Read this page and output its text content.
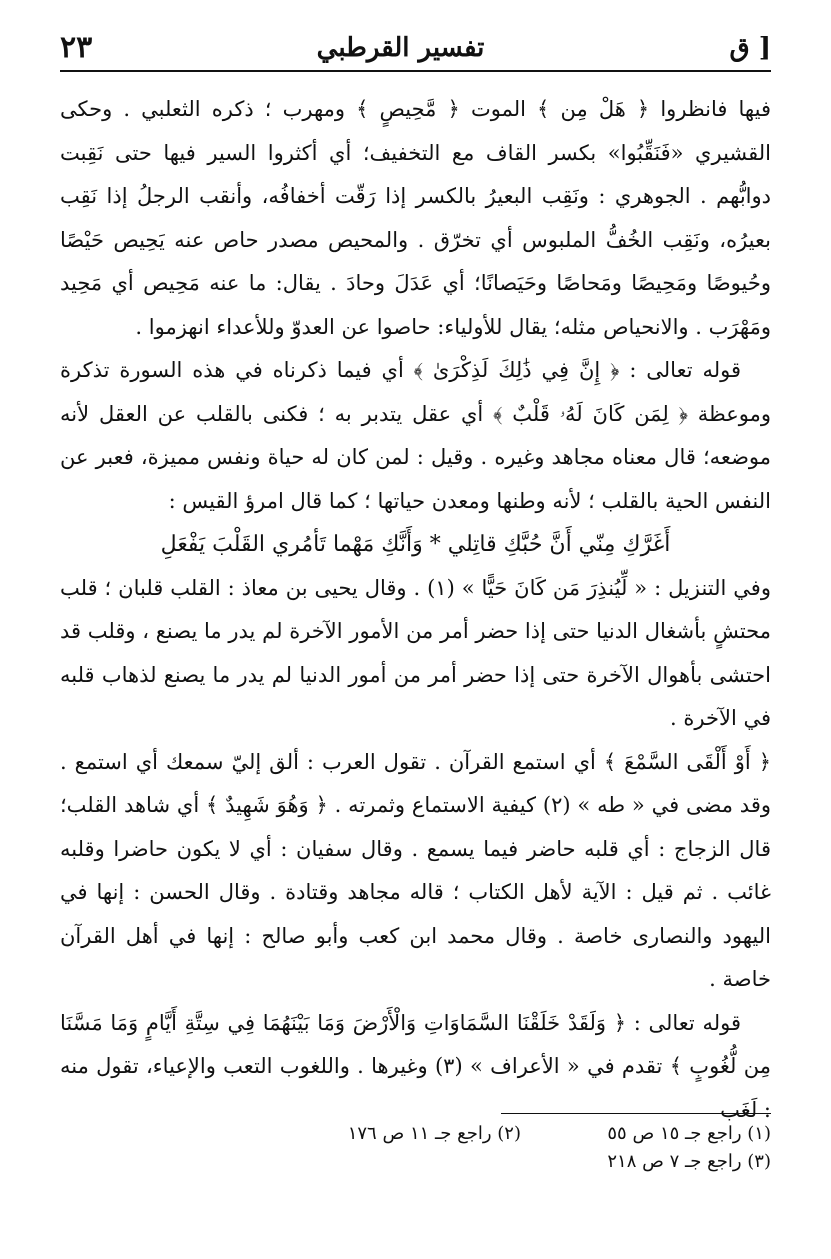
٢٣	تفسير القرطبي	ق ]

فيها فانظروا ﴿ هَلْ مِن ﴾ الموت ﴿ مَّحِيصٍ ﴾ ومهرب ؛ ذكره الثعلبي . وحكى القشيري «فَنَقِّبُوا» بكسر القاف مع التخفيف؛ أي أكثروا السير فيها حتى نَقِبت دوابُّهم . الجوهري : ونَقِب البعيرُ بالكسر إذا رَقّت أخفافُه، وأنقب الرجلُ إذا نَقِب بعيرُه، ونَقِب الخُفُّ الملبوس أي تخرّق . والمحيص مصدر حاص عنه يَحِيص حَيْصًا وحُيوصًا ومَحِيصًا ومَحاصًا وحَيَصانًا؛ أي عَدَلَ وحادَ . يقال: ما عنه مَحِيص أي مَحِيد ومَهْرَب . والانحياص مثله؛ يقال للأولياء: حاصوا عن العدوّ وللأعداء انهزموا .

قوله تعالى : ﴿ إِنَّ فِي ذَٰلِكَ لَذِكْرَىٰ ﴾ أي فيما ذكرناه في هذه السورة تذكرة وموعظة ﴿ لِمَن كَانَ لَهُۥ قَلْبٌ ﴾ أي عقل يتدبر به ؛ فكنى بالقلب عن العقل لأنه موضعه؛ قال معناه مجاهد وغيره . وقيل : لمن كان له حياة ونفس مميزة، فعبر عن النفس الحية بالقلب ؛ لأنه وطنها ومعدن حياتها ؛ كما قال امرؤ القيس :

أَغَرَّكِ مِنّي أَنَّ حُبَّكِ قاتِلي * وَأَنَّكِ مَهْما تَأمُري القَلْبَ يَفْعَلِ

وفي التنزيل : « لِّيُنذِرَ مَن كَانَ حَيًّا » (١) . وقال يحيى بن معاذ : القلب قلبان ؛ قلب محتشٍ بأشغال الدنيا حتى إذا حضر أمر من الأمور الآخرة لم يدر ما يصنع ، وقلب قد احتشى بأهوال الآخرة حتى إذا حضر أمر من أمور الدنيا لم يدر ما يصنع لذهاب قلبه في الآخرة .

﴿ أَوْ أَلْقَى السَّمْعَ ﴾ أي استمع القرآن . تقول العرب : ألق إليّ سمعك أي استمع . وقد مضى في « طه » (٢) كيفية الاستماع وثمرته . ﴿ وَهُوَ شَهِيدٌ ﴾ أي شاهد القلب؛ قال الزجاج : أي قلبه حاضر فيما يسمع . وقال سفيان : أي لا يكون حاضرا وقلبه غائب . ثم قيل : الآية لأهل الكتاب ؛ قاله مجاهد وقتادة . وقال الحسن : إنها في اليهود والنصارى خاصة . وقال محمد ابن كعب وأبو صالح : إنها في أهل القرآن خاصة .

قوله تعالى : ﴿ وَلَقَدْ خَلَقْنَا السَّمَاوَاتِ وَالْأَرْضَ وَمَا بَيْنَهُمَا فِي سِتَّةِ أَيَّامٍ وَمَا مَسَّنَا مِن لُّغُوبٍ ﴾ تقدم في « الأعراف » (٣) وغيرها . واللغوب التعب والإعياء، تقول منه : لَغَب

(١) راجع جـ ١٥ ص ٥٥
(٢) راجع جـ ١١ ص ١٧٦
(٣) راجع جـ ٧ ص ٢١٨
